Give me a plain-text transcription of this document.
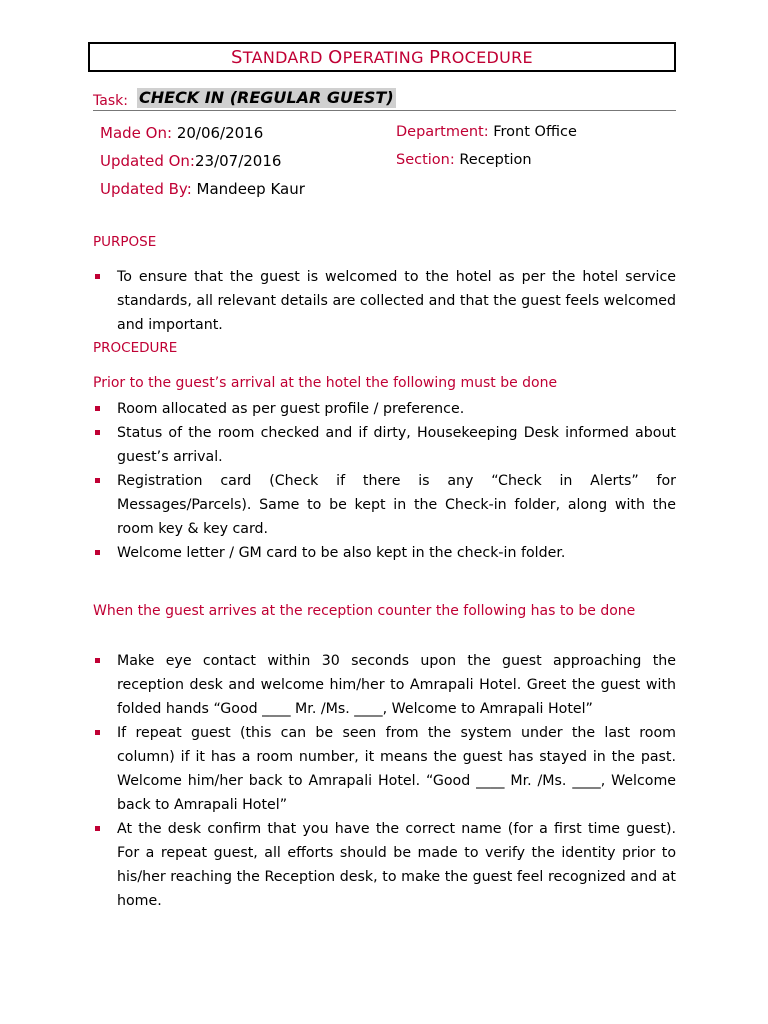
STANDARD OPERATING PROCEDURE
Task: CHECK IN (REGULAR GUEST)
Made On: 20/06/2016
Updated On:23/07/2016
Updated By: Mandeep Kaur
Department: Front Office
Section: Reception
PURPOSE
To ensure that the guest is welcomed to the hotel as per the hotel service standards, all relevant details are collected and that the guest feels welcomed and important.
PROCEDURE
Prior to the guest’s arrival at the hotel the following must be done
Room allocated as per guest profile / preference.
Status of the room checked and if dirty, Housekeeping Desk informed about guest’s arrival.
Registration card (Check if there is any “Check in Alerts” for Messages/Parcels). Same to be kept in the Check-in folder, along with the room key & key card.
Welcome letter / GM card to be also kept in the check-in folder.
When the guest arrives at the reception counter the following has to be done
Make eye contact within 30 seconds upon the guest approaching the reception desk and welcome him/her to Amrapali Hotel. Greet the guest with folded hands “Good ____ Mr. /Ms. ____, Welcome to Amrapali Hotel”
If repeat guest (this can be seen from the system under the last room column) if it has a room number, it means the guest has stayed in the past. Welcome him/her back to Amrapali Hotel. “Good ____ Mr. /Ms. ____, Welcome back to Amrapali Hotel”
At the desk confirm that you have the correct name (for a first time guest). For a repeat guest, all efforts should be made to verify the identity prior to his/her reaching the Reception desk, to make the guest feel recognized and at home.
